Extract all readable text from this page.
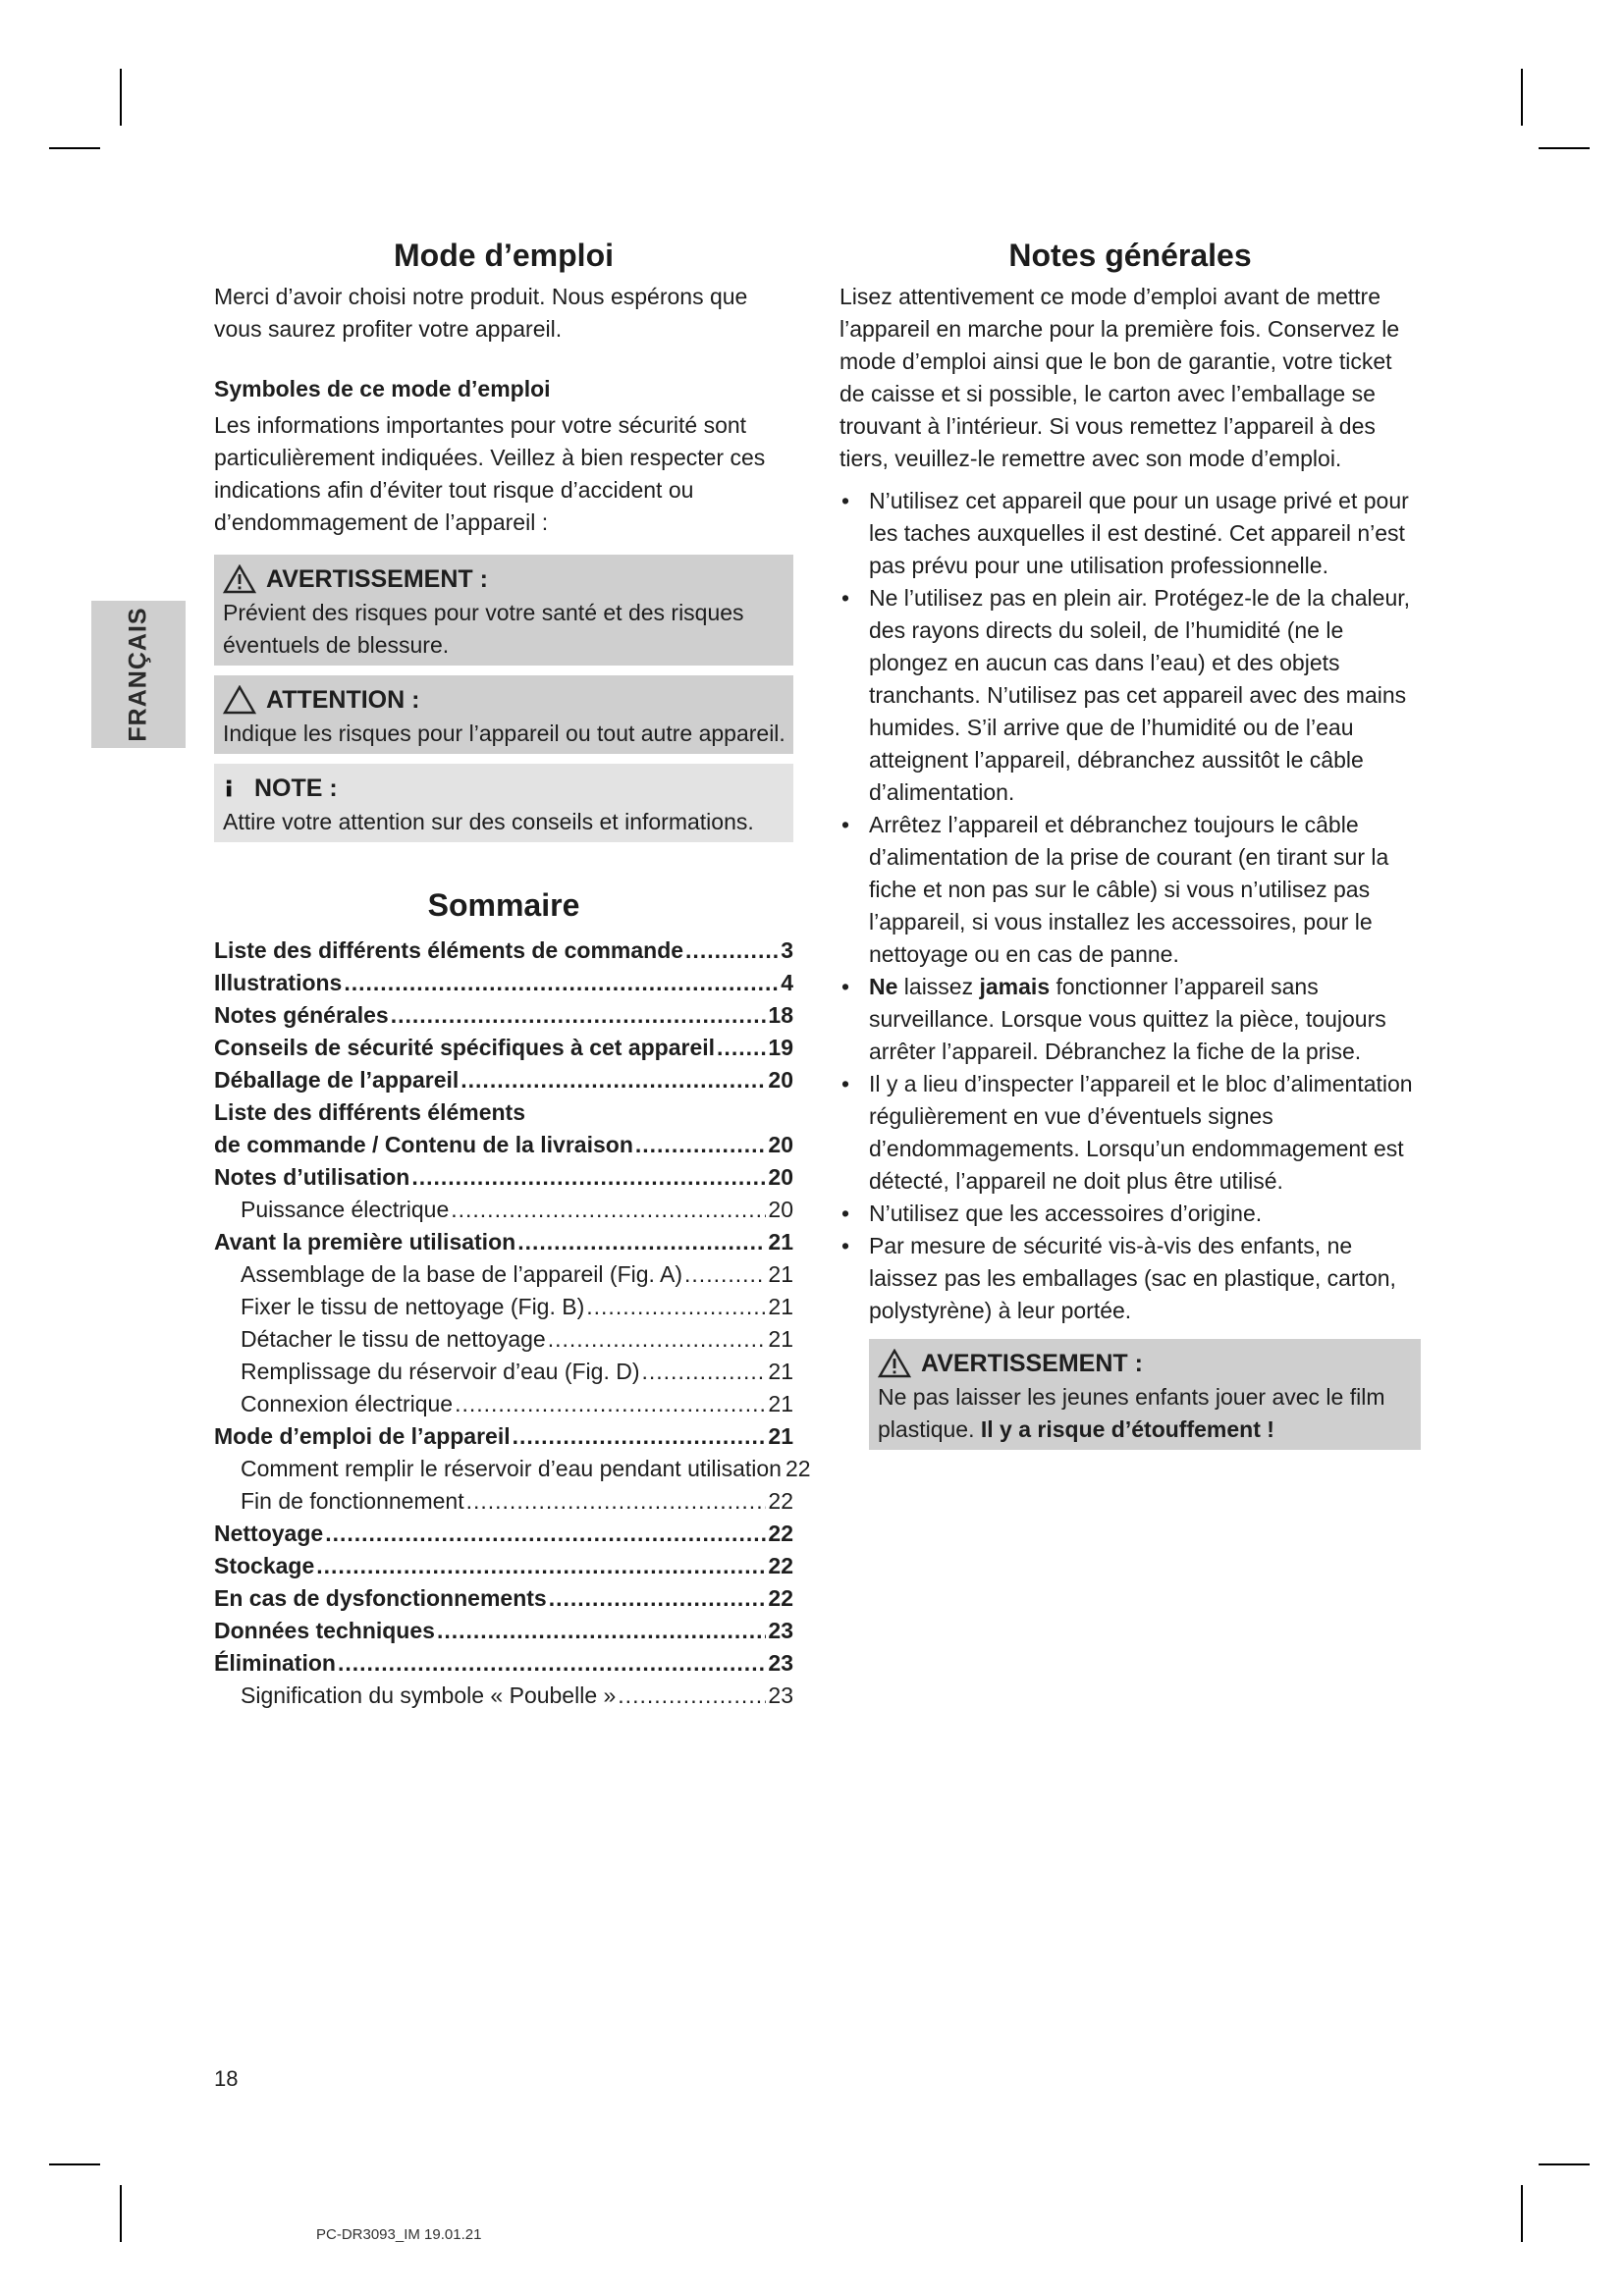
FRANÇAIS
Mode d’emploi

Merci d’avoir choisi notre produit. Nous espérons que vous saurez profiter votre appareil.

Symboles de ce mode d’emploi

Les informations importantes pour votre sécurité sont particulièrement indiquées. Veillez à bien respecter ces indications afin d’éviter tout risque d’accident ou d’endommagement de l’appareil :

AVERTISSEMENT :
Prévient des risques pour votre santé et des risques éventuels de blessure.
ATTENTION :
Indique les risques pour l’appareil ou tout autre appareil.
NOTE :
Attire votre attention sur des conseils et informations.
Sommaire
Liste des différents éléments de commande .....	3
Illustrations .....	4
Notes générales .....	18
Conseils de sécurité spécifiques à cet appareil ..... 19
Déballage de l’appareil .....	20
Liste des différents éléments
de commande / Contenu de la livraison .....	20
Notes d’utilisation .....	20
Puissance électrique .....	20
Avant la première utilisation .....	21
Assemblage de la base de l’appareil (Fig. A) .....	21
Fixer le tissu de nettoyage (Fig. B) .....	21
Détacher le tissu de nettoyage .....	21
Remplissage du réservoir d’eau (Fig. D) .....	21
Connexion électrique .....	21
Mode d’emploi de l’appareil .....	21
Comment remplir le réservoir d’eau pendant utilisation 22
Fin de fonctionnement .....	22
Nettoyage .....	22
Stockage .....	22
En cas de dysfonctionnements .....	22
Données techniques .....	23
Élimination .....	23
Signification du symbole « Poubelle » .....	23
Notes générales

Lisez attentivement ce mode d’emploi avant de mettre l’appareil en marche pour la première fois. Conservez le mode d’emploi ainsi que le bon de garantie, votre ticket de caisse et si possible, le carton avec l’emballage se trouvant à l’intérieur. Si vous remettez l’appareil à des tiers, veuillez-le remettre avec son mode d’emploi.

• N’utilisez cet appareil que pour un usage privé et pour les taches auxquelles il est destiné. Cet appareil n’est pas prévu pour une utilisation professionnelle.
• Ne l’utilisez pas en plein air. Protégez-le de la chaleur, des rayons directs du soleil, de l’humidité (ne le plongez en aucun cas dans l’eau) et des objets tranchants. N’utilisez pas cet appareil avec des mains humides. S’il arrive que de l’humidité ou de l’eau atteignent l’appareil, débranchez aussitôt le câble d’alimentation.
• Arrêtez l’appareil et débranchez toujours le câble d’alimentation de la prise de courant (en tirant sur la fiche et non pas sur le câble) si vous n’utilisez pas l’appareil, si vous installez les accessoires, pour le nettoyage ou en cas de panne.
• Ne laissez jamais fonctionner l’appareil sans surveillance. Lorsque vous quittez la pièce, toujours arrêter l’appareil. Débranchez la fiche de la prise.
• Il y a lieu d’inspecter l’appareil et le bloc d’alimentation régulièrement en vue d’éventuels signes d’endommagements. Lorsqu’un endommagement est détecté, l’appareil ne doit plus être utilisé.
• N’utilisez que les accessoires d’origine.
• Par mesure de sécurité vis-à-vis des enfants, ne laissez pas les emballages (sac en plastique, carton, polystyrène) à leur portée.
AVERTISSEMENT :
Ne pas laisser les jeunes enfants jouer avec le film plastique. Il y a risque d’étouffement !
18
PC-DR3093_IM 19.01.21
